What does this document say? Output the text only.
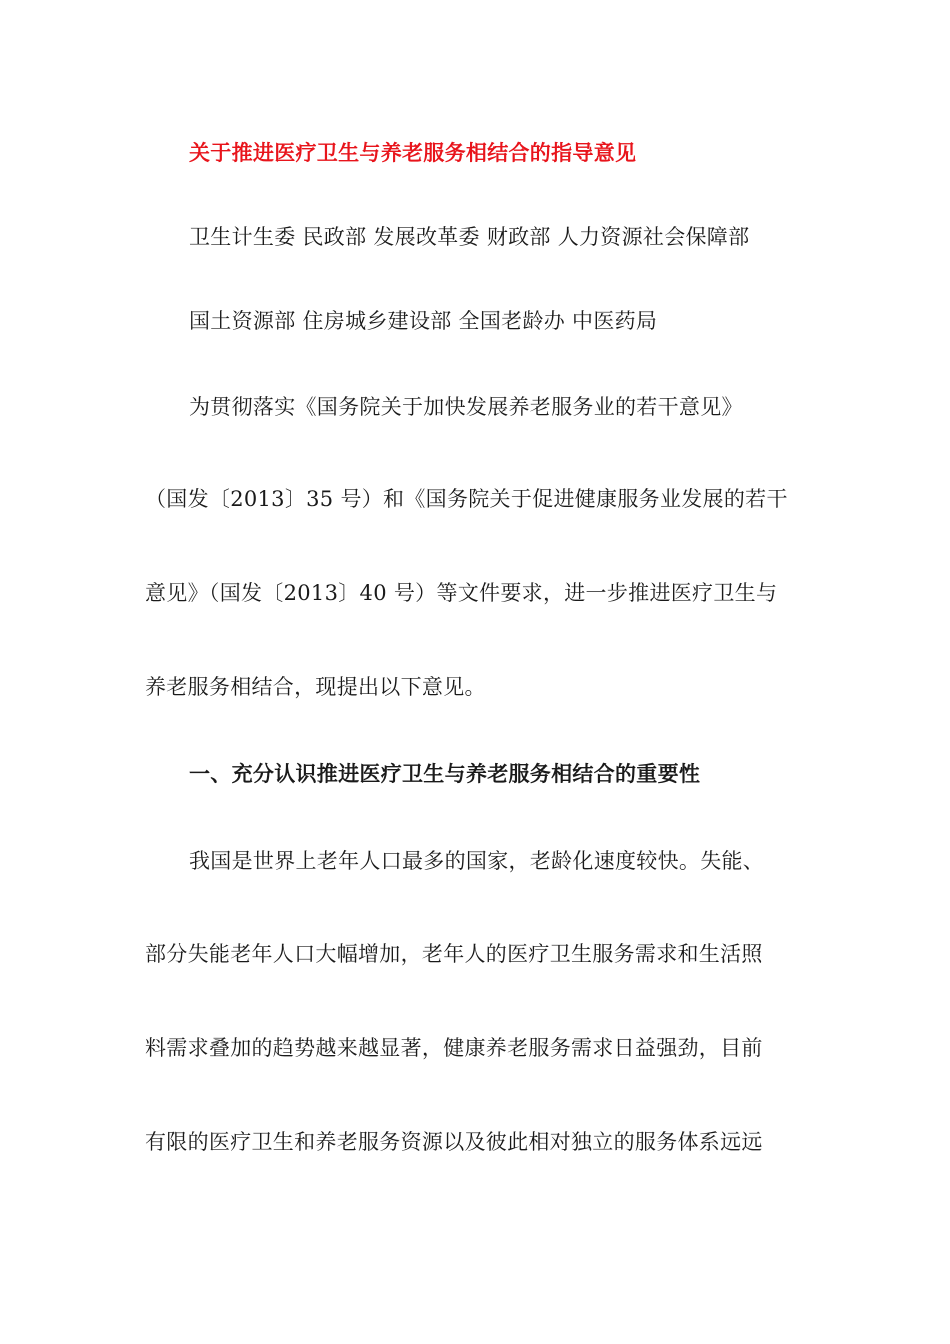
关于推进医疗卫生与养老服务相结合的指导意见
卫生计生委 民政部 发展改革委 财政部 人力资源社会保障部
国土资源部 住房城乡建设部 全国老龄办 中医药局
为贯彻落实《国务院关于加快发展养老服务业的若干意见》
（国发〔2013〕35 号）和《国务院关于促进健康服务业发展的若干
意见》（国发〔2013〕40 号）等文件要求，进一步推进医疗卫生与
养老服务相结合，现提出以下意见。
一、充分认识推进医疗卫生与养老服务相结合的重要性
我国是世界上老年人口最多的国家，老龄化速度较快。失能、
部分失能老年人口大幅增加，老年人的医疗卫生服务需求和生活照
料需求叠加的趋势越来越显著，健康养老服务需求日益强劲，目前
有限的医疗卫生和养老服务资源以及彼此相对独立的服务体系远远
